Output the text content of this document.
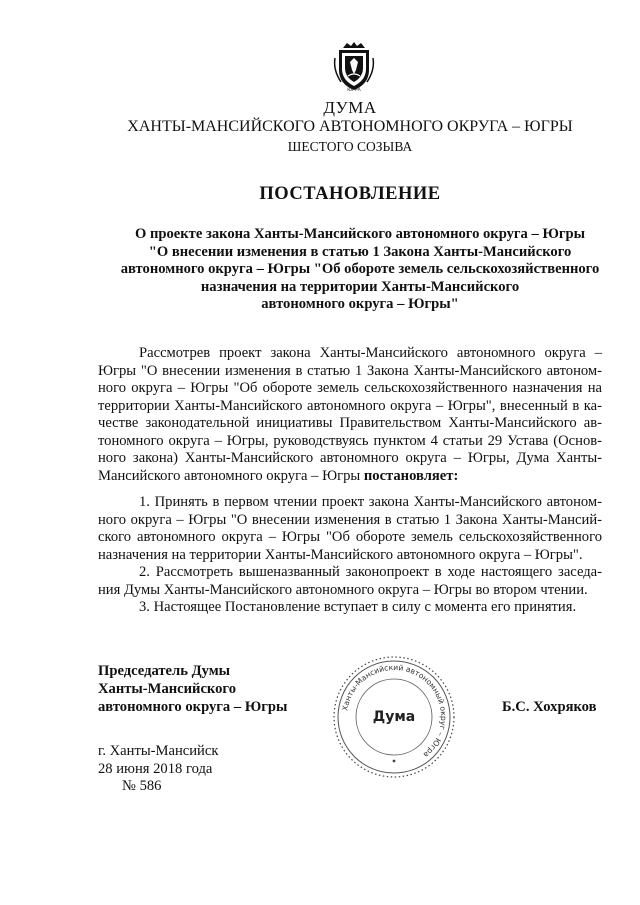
ЮГРА
ДУМА
ХАНТЫ-МАНСИЙСКОГО АВТОНОМНОГО ОКРУГА – ЮГРЫ
ШЕСТОГО СОЗЫВА
ПОСТАНОВЛЕНИЕ
О проекте закона Ханты-Мансийского автономного округа – Югры
"О внесении изменения в статью 1 Закона Ханты-Мансийского
автономного округа – Югры "Об обороте земель сельскохозяйственного
назначения на территории Ханты-Мансийского
автономного округа – Югры"
Рассмотрев проект закона Ханты-Мансийского автономного округа –
Югры "О внесении изменения в статью 1 Закона Ханты-Мансийского автоном-
ного округа – Югры "Об обороте земель сельскохозяйственного назначения на
территории Ханты-Мансийского автономного округа – Югры", внесенный в ка-
честве законодательной инициативы Правительством Ханты-Мансийского ав-
тономного округа – Югры, руководствуясь пунктом 4 статьи 29 Устава (Основ-
ного закона) Ханты-Мансийского автономного округа – Югры, Дума Ханты-
Мансийского автономного округа – Югры постановляет:
1. Принять в первом чтении проект закона Ханты-Мансийского автоном-
ного округа – Югры "О внесении изменения в статью 1 Закона Ханты-Мансий-
ского автономного округа – Югры "Об обороте земель сельскохозяйственного
назначения на территории Ханты-Мансийского автономного округа – Югры".
2. Рассмотреть вышеназванный законопроект в ходе настоящего заседа-
ния Думы Ханты-Мансийского автономного округа – Югры во втором чтении.
3. Настоящее Постановление вступает в силу с момента его принятия.
Председатель Думы
Ханты-Мансийского
автономного округа – Югры	Ханты-Мансийский автономный округ – Югра
Дума
Б.С. Хохряков
г. Ханты-Мансийск
28 июня 2018 года
№ 586
